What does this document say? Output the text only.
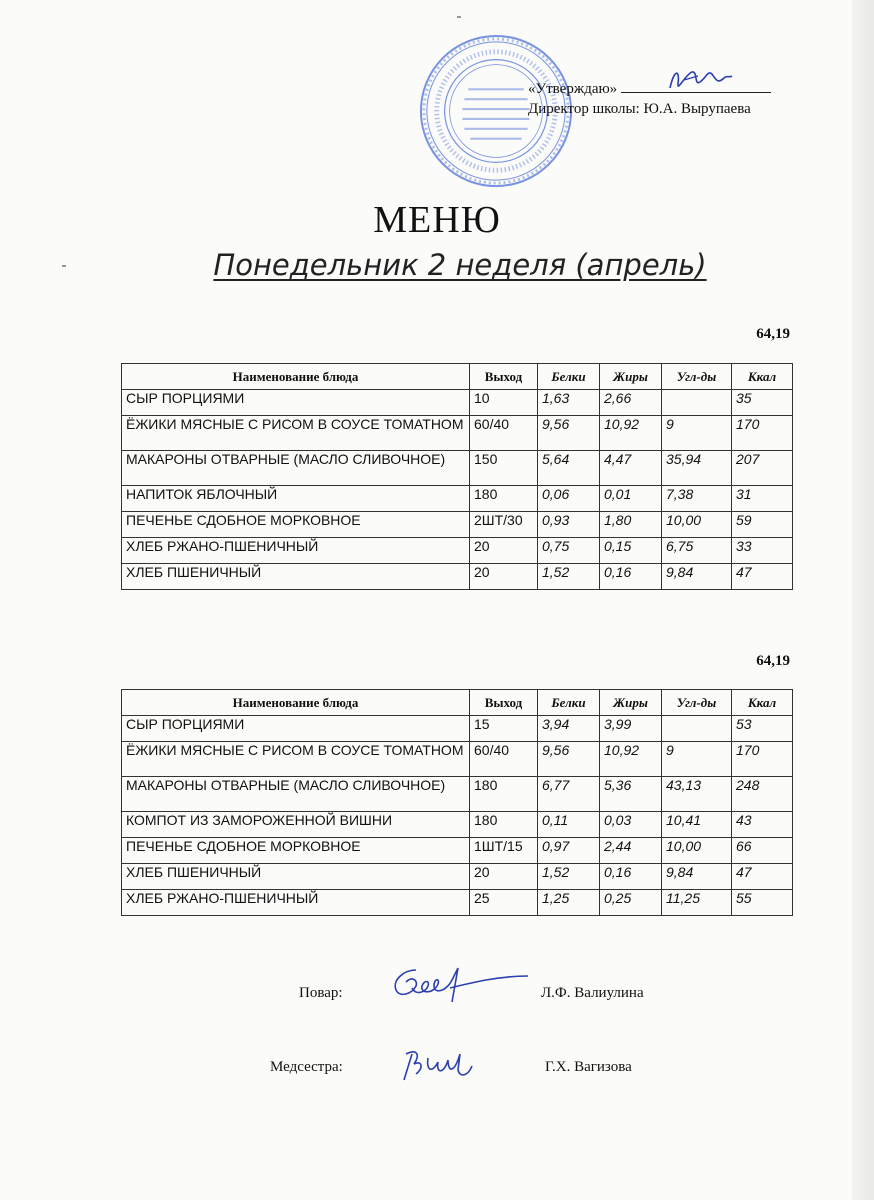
«Утверждаю»
Директор школы: Ю.А. Вырупаева
МЕНЮ
Понедельник 2 неделя (апрель)
64,19
Наименование блюда	Выход	Белки	Жиры	Угл-ды	Ккал
СЫР ПОРЦИЯМИ	10	1,63	2,66		35
ЁЖИКИ МЯСНЫЕ С РИСОМ В СОУСЕ ТОМАТНОМ	60/40	9,56	10,92	9	170
МАКАРОНЫ ОТВАРНЫЕ (МАСЛО СЛИВОЧНОЕ)	150	5,64	4,47	35,94	207
НАПИТОК ЯБЛОЧНЫЙ	180	0,06	0,01	7,38	31
ПЕЧЕНЬЕ СДОБНОЕ МОРКОВНОЕ	2ШТ/30	0,93	1,80	10,00	59
ХЛЕБ РЖАНО-ПШЕНИЧНЫЙ	20	0,75	0,15	6,75	33
ХЛЕБ ПШЕНИЧНЫЙ	20	1,52	0,16	9,84	47
64,19
Наименование блюда	Выход	Белки	Жиры	Угл-ды	Ккал
СЫР ПОРЦИЯМИ	15	3,94	3,99		53
ЁЖИКИ МЯСНЫЕ С РИСОМ В СОУСЕ ТОМАТНОМ	60/40	9,56	10,92	9	170
МАКАРОНЫ ОТВАРНЫЕ (МАСЛО СЛИВОЧНОЕ)	180	6,77	5,36	43,13	248
КОМПОТ ИЗ ЗАМОРОЖЕННОЙ ВИШНИ	180	0,11	0,03	10,41	43
ПЕЧЕНЬЕ СДОБНОЕ МОРКОВНОЕ	1ШТ/15	0,97	2,44	10,00	66
ХЛЕБ ПШЕНИЧНЫЙ	20	1,52	0,16	9,84	47
ХЛЕБ РЖАНО-ПШЕНИЧНЫЙ	25	1,25	0,25	11,25	55
Повар:	Л.Ф. Валиулина
Медсестра:	Г.Х. Вагизова
